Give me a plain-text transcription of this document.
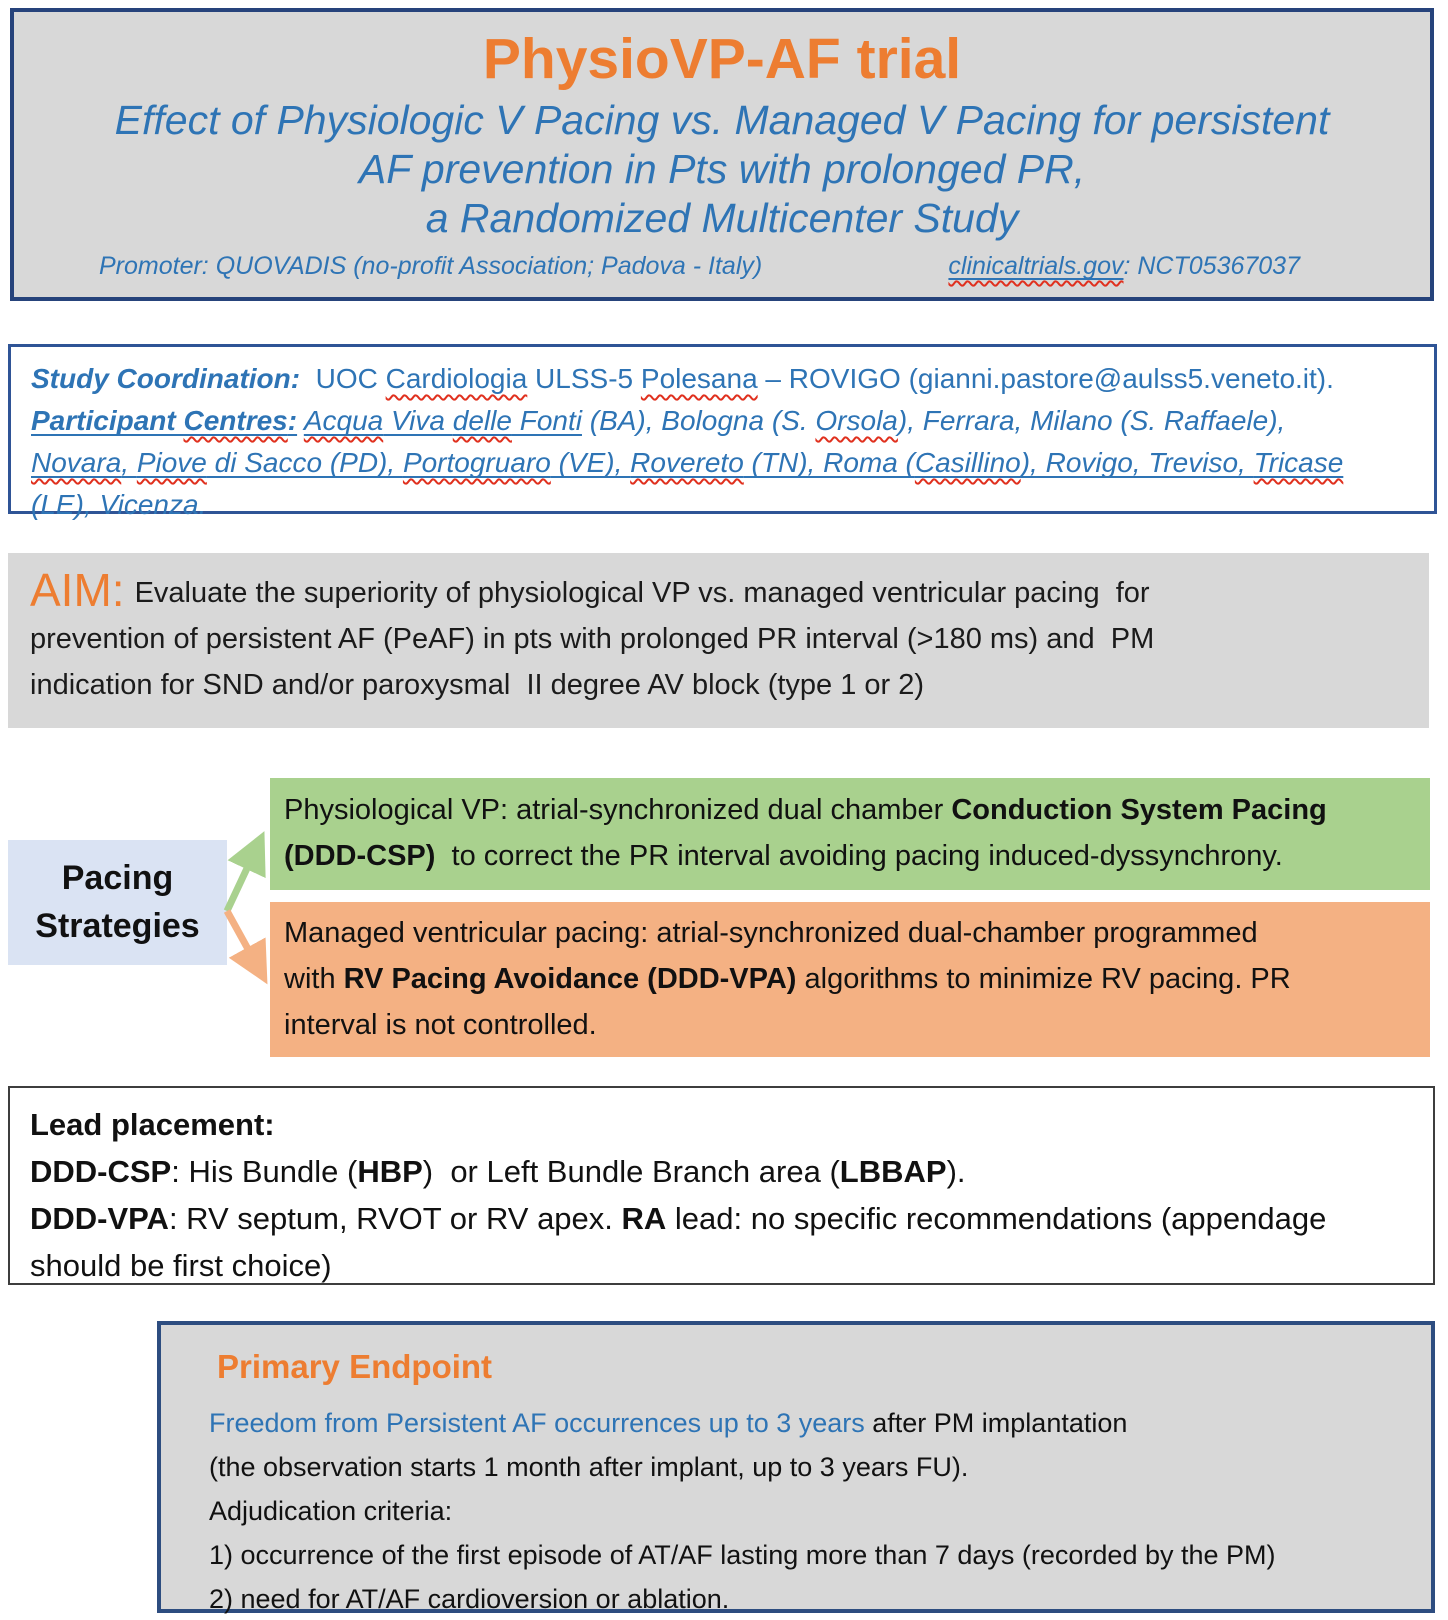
PhysioVP-AF trial
Effect of Physiologic V Pacing vs. Managed V Pacing for persistent
AF prevention in Pts with prolonged PR,
a Randomized Multicenter Study
Promoter: QUOVADIS (no-profit Association; Padova - Italy)	clinicaltrials.gov: NCT05367037
Study Coordination:  UOC Cardiologia ULSS-5 Polesana – ROVIGO (gianni.pastore@aulss5.veneto.it).
Participant Centres: Acqua Viva delle Fonti (BA), Bologna (S. Orsola), Ferrara, Milano (S. Raffaele),
Novara, Piove di Sacco (PD), Portogruaro (VE), Rovereto (TN), Roma (Casillino), Rovigo, Treviso, Tricase
(LE), Vicenza.
AIM: Evaluate the superiority of physiological VP vs. managed ventricular pacing  for
prevention of persistent AF (PeAF) in pts with prolonged PR interval (>180 ms) and  PM
indication for SND and/or paroxysmal  II degree AV block (type 1 or 2)
Pacing
Strategies
Physiological VP: atrial-synchronized dual chamber Conduction System Pacing
(DDD-CSP)  to correct the PR interval avoiding pacing induced-dyssynchrony.
Managed ventricular pacing: atrial-synchronized dual-chamber programmed
with RV Pacing Avoidance (DDD-VPA) algorithms to minimize RV pacing. PR
interval is not controlled.
Lead placement:
DDD-CSP: His Bundle (HBP)  or Left Bundle Branch area (LBBAP).
DDD-VPA: RV septum, RVOT or RV apex. RA lead: no specific recommendations (appendage
should be first choice)
Primary Endpoint
Freedom from Persistent AF occurrences up to 3 years after PM implantation
(the observation starts 1 month after implant, up to 3 years FU).
Adjudication criteria:
1) occurrence of the first episode of AT/AF lasting more than 7 days (recorded by the PM)
2) need for AT/AF cardioversion or ablation.
